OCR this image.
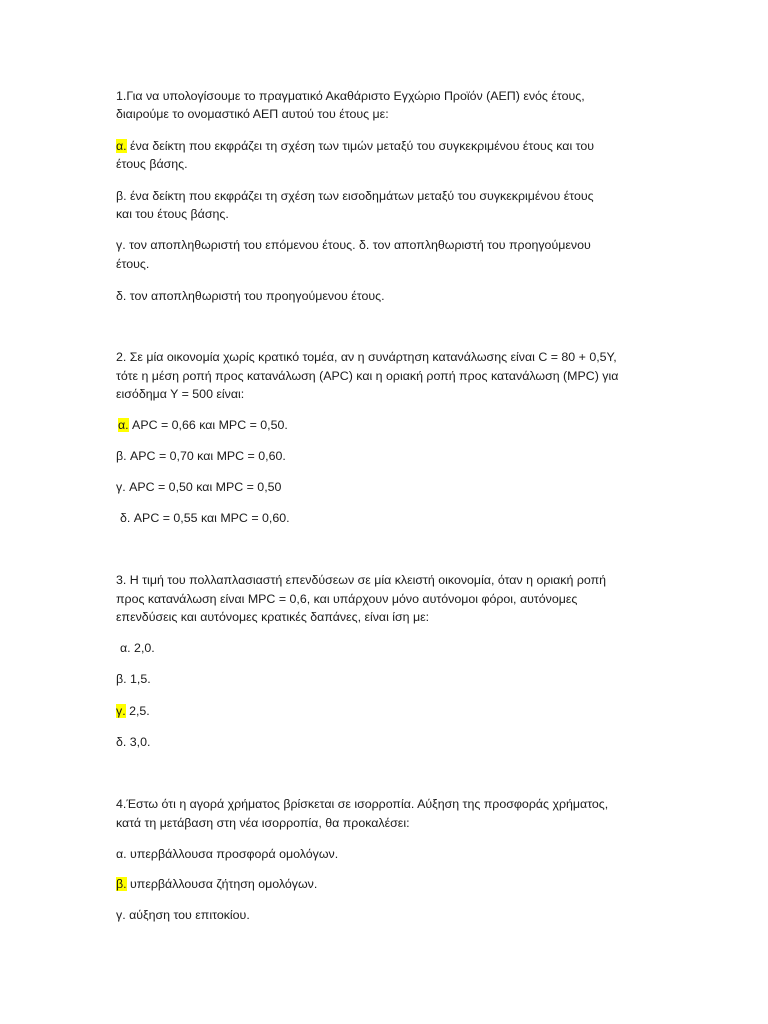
1.Για να υπολογίσουμε το πραγματικό Ακαθάριστο Εγχώριο Προϊόν (ΑΕΠ) ενός έτους,
διαιρούμε το ονομαστικό ΑΕΠ αυτού του έτους με:
α. ένα δείκτη που εκφράζει τη σχέση των τιμών μεταξύ του συγκεκριμένου έτους και του
έτους βάσης.
β. ένα δείκτη που εκφράζει τη σχέση των εισοδημάτων μεταξύ του συγκεκριμένου έτους
και του έτους βάσης.
γ. τον αποπληθωριστή του επόμενου έτους. δ. τον αποπληθωριστή του προηγούμενου
έτους.
δ. τον αποπληθωριστή του προηγούμενου έτους.
2. Σε μία οικονομία χωρίς κρατικό τομέα, αν η συνάρτηση κατανάλωσης είναι C = 80 + 0,5Y,
τότε η μέση ροπή προς κατανάλωση (APC) και η οριακή ροπή προς κατανάλωση (MPC) για
εισόδημα Υ = 500 είναι:
α. APC = 0,66 και MPC = 0,50.
β. APC = 0,70 και MPC = 0,60.
γ. APC = 0,50 και MPC = 0,50
δ. APC = 0,55 και MPC = 0,60.
3. Η τιμή του πολλαπλασιαστή επενδύσεων σε μία κλειστή οικονομία, όταν η οριακή ροπή
προς κατανάλωση είναι MPC = 0,6, και υπάρχουν μόνο αυτόνομοι φόροι, αυτόνομες
επενδύσεις και αυτόνομες κρατικές δαπάνες, είναι ίση με:
α. 2,0.
β. 1,5.
γ. 2,5.
δ. 3,0.
4.Έστω ότι η αγορά χρήματος βρίσκεται σε ισορροπία. Αύξηση της προσφοράς χρήματος,
κατά τη μετάβαση στη νέα ισορροπία, θα προκαλέσει:
α. υπερβάλλουσα προσφορά ομολόγων.
β. υπερβάλλουσα ζήτηση ομολόγων.
γ. αύξηση του επιτοκίου.
